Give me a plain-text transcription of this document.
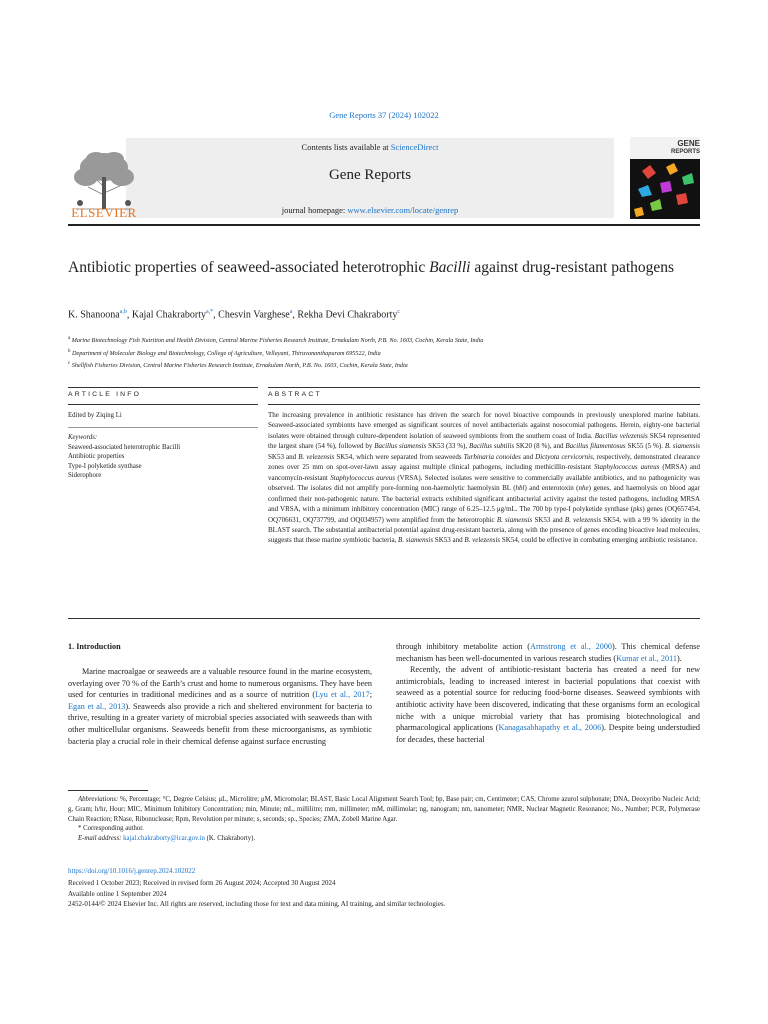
Gene Reports 37 (2024) 102022
Contents lists available at ScienceDirect
Gene Reports
journal homepage: www.elsevier.com/locate/genrep
ELSEVIER
GENE
REPORTS
Antibiotic properties of seaweed-associated heterotrophic Bacilli against drug-resistant pathogens
K. Shanoona$^{a,b}$, Kajal Chakraborty$^{a,*}$, Chesvin Varghese$^a$, Rekha Devi Chakraborty$^c$
$^a$ Marine Biotechnology Fish Nutrition and Health Division, Central Marine Fisheries Research Institute, Ernakulam North, P.B. No. 1603, Cochin, Kerala State, India
$^b$ Department of Molecular Biology and Biotechnology, College of Agriculture, Vellayani, Thiruvananthapuram 695522, India
$^c$ Shellfish Fisheries Division, Central Marine Fisheries Research Institute, Ernakulam North, P.B. No. 1603, Cochin, Kerala State, India
ARTICLE INFO	ABSTRACT
Edited by Ziqing Li
Keywords:
Seaweed-associated heterotrophic Bacilli
Antibiotic properties
Type-I polyketide synthase
Siderophore
The increasing prevalence in antibiotic resistance has driven the search for novel bioactive compounds in previously unexplored marine habitats. Seaweed-associated symbionts have emerged as significant sources of novel antibacterials against nosocomial pathogens. Herein, eighty-one bacterial isolates were obtained through culture-dependent isolation of seaweed symbionts from the southern coast of India. Bacillus velezensis SK54 represented the largest share (54 %), followed by Bacillus siamensis SK53 (33 %), Bacillus subtilis SK20 (8 %), and Bacillus filamentosus SK55 (5 %). B. siamensis SK53 and B. velezensis SK54, which were separated from seaweeds Turbinaria conoides and Dictyota cervicornis, respectively, demonstrated clearance zones over 25 mm on spot-over-lawn assay against multiple clinical pathogens, including methicillin-resistant Staphylococcus aureus (MRSA) and vancomycin-resistant Staphylococcus aureus (VRSA). Selected isolates were sensitive to commercially available antibiotics, and no pathogenicity was observed. The isolates did not amplify pore-forming non-haemolytic haemolysin BL (hbl) and enterotoxin (nhe) genes, and haemolysis on blood agar confirmed their non-pathogenic nature. The bacterial extracts exhibited significant antibacterial activity against the tested pathogens, including MRSA and VRSA, with a minimum inhibitory concentration (MIC) range of 6.25–12.5 μg/mL. The 700 bp type-I polyketide synthase (pks) genes (OQ657454, OQ706631, OQ737799, and OQ034957) were amplified from the heterotrophic B. siamensis SK53 and B. velezensis SK54, with a 99 % identity in the BLAST search. The substantial antibacterial potential against drug-resistant bacteria, along with the presence of genes encoding bioactive lead molecules, suggests that these marine symbiotic bacteria, B. siamensis SK53 and B. velezensis SK54, could be effective in combating emerging antibiotic resistance.
1. Introduction
Marine macroalgae or seaweeds are a valuable resource found in the marine ecosystem, overlaying over 70 % of the Earth’s crust and home to numerous organisms. They have been used for centuries in traditional medicines and as a source of nutrition (Lyu et al., 2017; Egan et al., 2013). Seaweeds also provide a rich and sheltered environment for bacteria to thrive, resulting in a greater variety of microbial species associated with seaweeds than with other multicellular organisms. Seaweeds benefit from these microorganisms, as symbiotic bacteria play a crucial role in their chemical defense against surface encrusting

through inhibitory metabolite action (Armstrong et al., 2000). This chemical defense mechanism has been well-documented in various research studies (Kumar et al., 2011).

Recently, the advent of antibiotic-resistant bacteria has created a need for new antimicrobials, leading to increased interest in bacterial populations that coexist with seaweed as a potential source for reducing food-borne diseases. Seaweed symbionts with antibiotic activity have been discovered, indicating that these organisms form an ecological niche with a unique microbial variety that has promising biotechnological and pharmacological applications (Kanagasabhapathy et al., 2006). Despite being understudied for decades, these bacterial

Abbreviations: %, Percentage; °C, Degree Celsius; μL, Microlitre; μM, Micromolar; BLAST, Basic Local Alignment Search Tool; bp, Base pair; cm, Centimeter; CAS, Chrome azurol sulphonate; DNA, Deoxyribo Nucleic Acid; g, Gram; h/hr, Hour; MIC, Minimum Inhibitory Concentration; min, Minute; mL, millilitre; mm, millimeter; mM, millimolar; ng, nanogram; nm, nanometer; NMR, Nuclear Magnetic Resonance; No., Number; PCR, Polymerase Chain Reaction; RNase, Ribonuclease; Rpm, Revolution per minute; s, seconds; sp., Species; ZMA, Zobell Marine Agar.

* Corresponding author.

E-mail address: kajal.chakraborty@icar.gov.in (K. Chakraborty).

https://doi.org/10.1016/j.genrep.2024.102022
Received 1 October 2023; Received in revised form 26 August 2024; Accepted 30 August 2024
Available online 1 September 2024
2452-0144/© 2024 Elsevier Inc. All rights are reserved, including those for text and data mining, AI training, and similar technologies.
